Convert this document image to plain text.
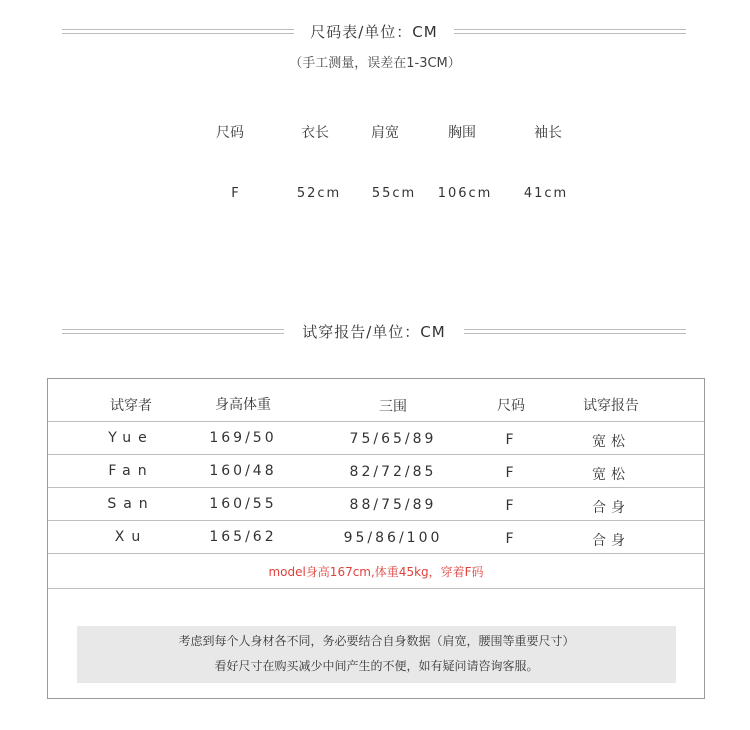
尺码表/单位：CM
（手工测量，误差在1-3CM）
尺码	衣长	肩宽	胸围	袖长
F	52cm	55cm	106cm	41cm
试穿报告/单位：CM
试穿者	身高体重	三围	尺码	试穿报告
Yue	169/50	75/65/89	F	宽松
Fan	160/48	82/72/85	F	宽松
San	160/55	88/75/89	F	合身
Xu	165/62	95/86/100	F	合身
model身高167cm,体重45kg，穿着F码
考虑到每个人身材各不同，务必要结合自身数据（肩宽，腰围等重要尺寸）
看好尺寸在购买减少中间产生的不便，如有疑问请咨询客服。
